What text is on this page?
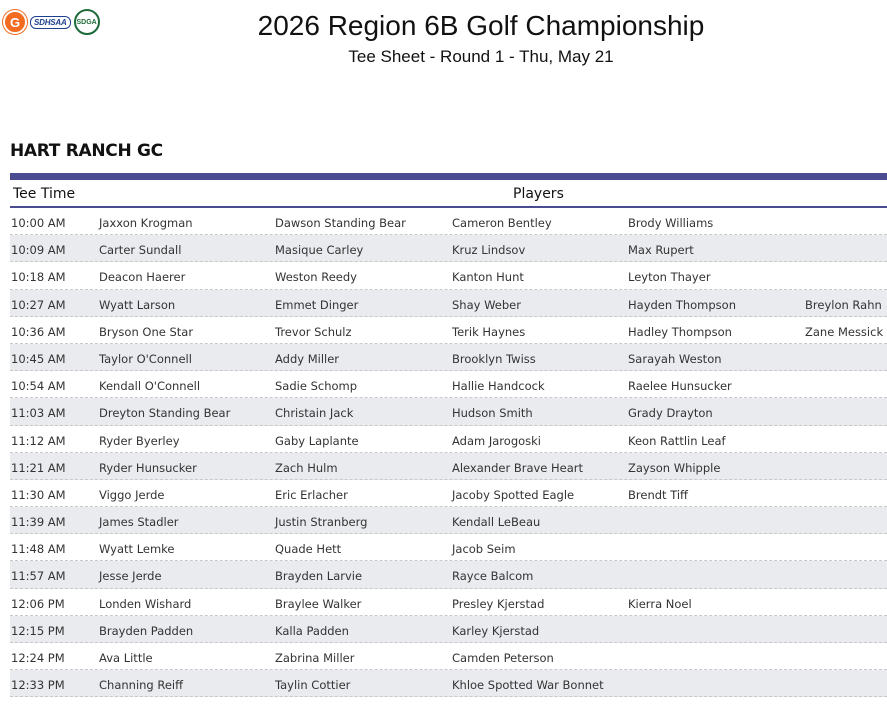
G	SDHSAA	SDGA	2026 Region 6B Golf Championship
Tee Sheet - Round 1 - Thu, May 21
HART RANCH GC
Tee Time	Players
10:00 AM	Jaxxon Krogman	Dawson Standing Bear	Cameron Bentley	Brody Williams
10:09 AM	Carter Sundall	Masique Carley	Kruz Lindsov	Max Rupert
10:18 AM	Deacon Haerer	Weston Reedy	Kanton Hunt	Leyton Thayer
10:27 AM	Wyatt Larson	Emmet Dinger	Shay Weber	Hayden Thompson	Breylon Rahn
10:36 AM	Bryson One Star	Trevor Schulz	Terik Haynes	Hadley Thompson	Zane Messick
10:45 AM	Taylor O'Connell	Addy Miller	Brooklyn Twiss	Sarayah Weston
10:54 AM	Kendall O'Connell	Sadie Schomp	Hallie Handcock	Raelee Hunsucker
11:03 AM	Dreyton Standing Bear	Christain Jack	Hudson Smith	Grady Drayton
11:12 AM	Ryder Byerley	Gaby Laplante	Adam Jarogoski	Keon Rattlin Leaf
11:21 AM	Ryder Hunsucker	Zach Hulm	Alexander Brave Heart	Zayson Whipple
11:30 AM	Viggo Jerde	Eric Erlacher	Jacoby Spotted Eagle	Brendt Tiff
11:39 AM	James Stadler	Justin Stranberg	Kendall LeBeau
11:48 AM	Wyatt Lemke	Quade Hett	Jacob Seim
11:57 AM	Jesse Jerde	Brayden Larvie	Rayce Balcom
12:06 PM	Londen Wishard	Braylee Walker	Presley Kjerstad	Kierra Noel
12:15 PM	Brayden Padden	Kalla Padden	Karley Kjerstad
12:24 PM	Ava Little	Zabrina Miller	Camden Peterson
12:33 PM	Channing Reiff	Taylin Cottier	Khloe Spotted War Bonnet
